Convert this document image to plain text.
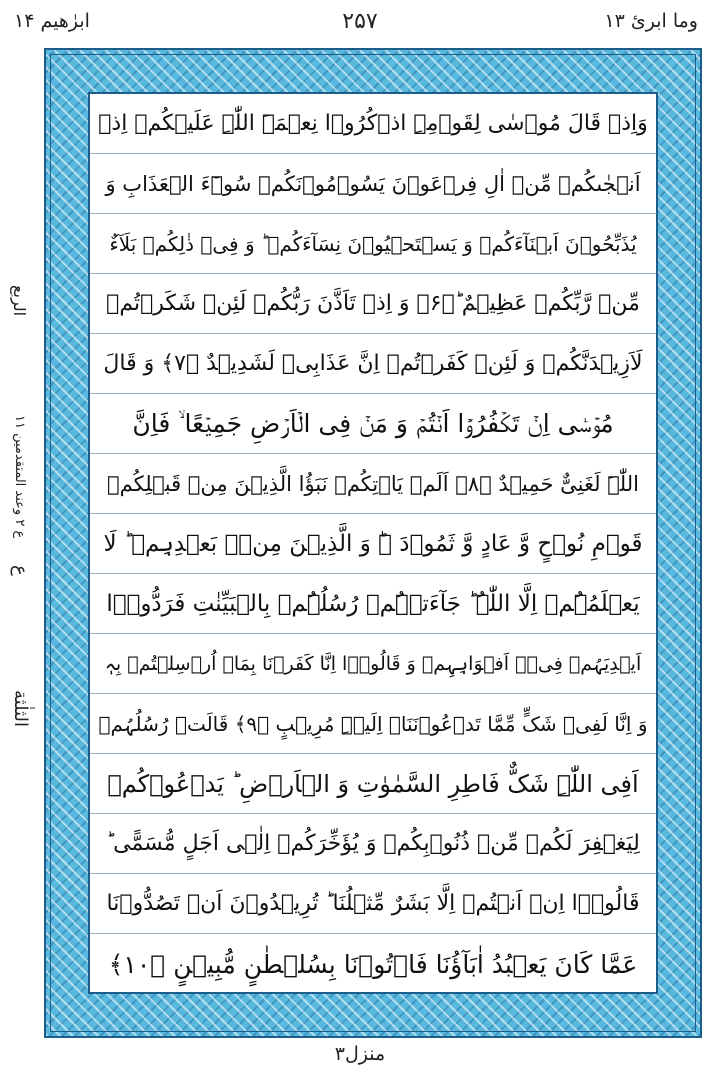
ابرٰھیم ۱۴	۲۵۷	وما ابرئ ۱۳
الربع
ع ۲ وعند المتقدمین ۱۱
ع
الثلٰثة
وَاِذۡ قَالَ مُوۡسٰی لِقَوۡمِہِ اذۡکُرُوۡا نِعۡمَۃَ اللّٰہِ عَلَیۡکُمۡ اِذۡ
اَنۡجٰىکُمۡ مِّنۡ اٰلِ فِرۡعَوۡنَ یَسُوۡمُوۡنَکُمۡ سُوۡٓءَ الۡعَذَابِ وَ
یُذَبِّحُوۡنَ اَبۡنَآءَکُمۡ وَ یَسۡتَحۡیُوۡنَ نِسَآءَکُمۡ ؕ وَ فِیۡ ذٰلِکُمۡ بَلَآءٌ
مِّنۡ رَّبِّکُمۡ عَظِیۡمٌ ؕ﴿۶﴾ وَ اِذۡ تَاَذَّنَ رَبُّکُمۡ لَئِنۡ شَکَرۡتُمۡ
لَاَزِیۡدَنَّکُمۡ وَ لَئِنۡ کَفَرۡتُمۡ اِنَّ عَذَابِیۡ لَشَدِیۡدٌ ﴿۷﴾ وَ قَالَ
مُوۡسٰۤی اِنۡ تَکۡفُرُوۡۤا اَنۡتُمۡ وَ مَنۡ فِی الۡاَرۡضِ جَمِیۡعًا ۙ فَاِنَّ
اللّٰہَ لَغَنِیٌّ حَمِیۡدٌ ﴿۸﴾ اَلَمۡ یَاۡتِکُمۡ نَبَؤُا الَّذِیۡنَ مِنۡ قَبۡلِکُمۡ
قَوۡمِ نُوۡحٍ وَّ عَادٍ وَّ ثَمُوۡدَ ۬ؕ وَ الَّذِیۡنَ مِنۡۢ بَعۡدِہِمۡ ؕ لَا
یَعۡلَمُہُمۡ اِلَّا اللّٰہُ ؕ جَآءَتۡہُمۡ رُسُلُہُمۡ بِالۡبَیِّنٰتِ فَرَدُّوۡۤا
اَیۡدِیَہُمۡ فِیۡۤ اَفۡوَاہِہِمۡ وَ قَالُوۡۤا اِنَّا کَفَرۡنَا بِمَاۤ اُرۡسِلۡتُمۡ بِہٖ
وَ اِنَّا لَفِیۡ شَکٍّ مِّمَّا تَدۡعُوۡنَنَاۤ اِلَیۡہِ مُرِیۡبٍ ﴿۹﴾ قَالَتۡ رُسُلُہُمۡ
اَفِی اللّٰہِ شَکٌّ فَاطِرِ السَّمٰوٰتِ وَ الۡاَرۡضِ ؕ یَدۡعُوۡکُمۡ
لِیَغۡفِرَ لَکُمۡ مِّنۡ ذُنُوۡبِکُمۡ وَ یُؤَخِّرَکُمۡ اِلٰۤی اَجَلٍ مُّسَمًّی ؕ
قَالُوۡۤا اِنۡ اَنۡتُمۡ اِلَّا بَشَرٌ مِّثۡلُنَا ؕ تُرِیۡدُوۡنَ اَنۡ تَصُدُّوۡنَا
عَمَّا کَانَ یَعۡبُدُ اٰبَآؤُنَا فَاۡتُوۡنَا بِسُلۡطٰنٍ مُّبِیۡنٍ ﴿۱۰﴾
منزل۳
